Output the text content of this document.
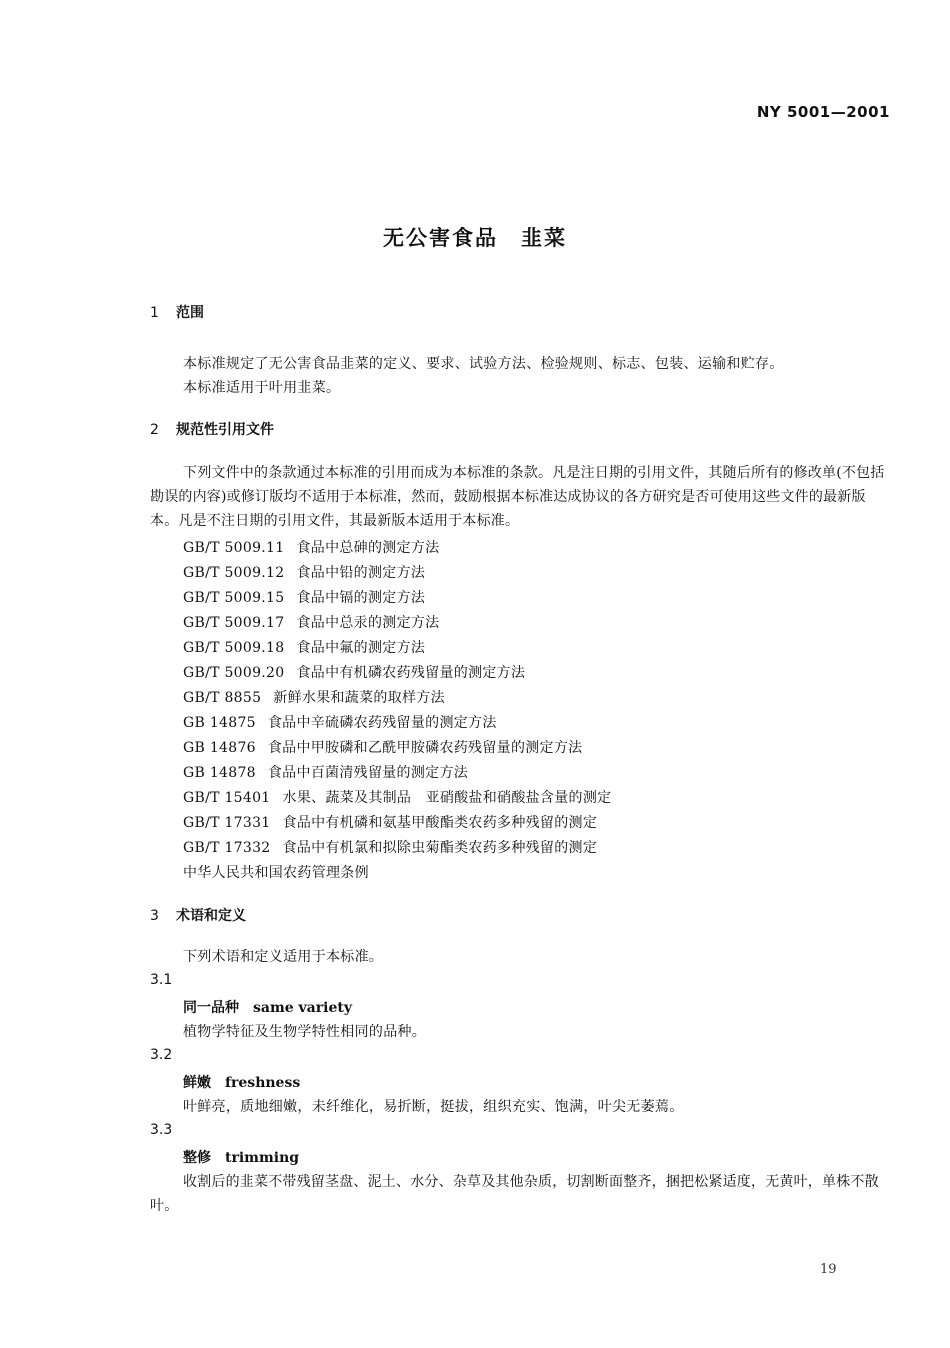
NY 5001—2001
无公害食品　韭菜
1 范围
本标准规定了无公害食品韭菜的定义、要求、试验方法、检验规则、标志、包装、运输和贮存。
本标准适用于叶用韭菜。
2 规范性引用文件
下列文件中的条款通过本标准的引用而成为本标准的条款。凡是注日期的引用文件，其随后所有的修改单(不包括勘误的内容)或修订版均不适用于本标准，然而，鼓励根据本标准达成协议的各方研究是否可使用这些文件的最新版本。凡是不注日期的引用文件，其最新版本适用于本标准。
GB/T 5009.11 食品中总砷的测定方法
GB/T 5009.12 食品中铅的测定方法
GB/T 5009.15 食品中镉的测定方法
GB/T 5009.17 食品中总汞的测定方法
GB/T 5009.18 食品中氟的测定方法
GB/T 5009.20 食品中有机磷农药残留量的测定方法
GB/T 8855 新鲜水果和蔬菜的取样方法
GB 14875 食品中辛硫磷农药残留量的测定方法
GB 14876 食品中甲胺磷和乙酰甲胺磷农药残留量的测定方法
GB 14878 食品中百菌清残留量的测定方法
GB/T 15401 水果、蔬菜及其制品　亚硝酸盐和硝酸盐含量的测定
GB/T 17331 食品中有机磷和氨基甲酸酯类农药多种残留的测定
GB/T 17332 食品中有机氯和拟除虫菊酯类农药多种残留的测定
中华人民共和国农药管理条例
3 术语和定义
下列术语和定义适用于本标准。
3.1
同一品种 same variety
植物学特征及生物学特性相同的品种。
3.2
鲜嫩 freshness
叶鲜亮，质地细嫩，未纤维化，易折断，挺拔，组织充实、饱满，叶尖无萎蔫。
3.3
整修 trimming
收割后的韭菜不带残留茎盘、泥土、水分、杂草及其他杂质，切割断面整齐，捆把松紧适度，无黄叶，单株不散叶。
19
